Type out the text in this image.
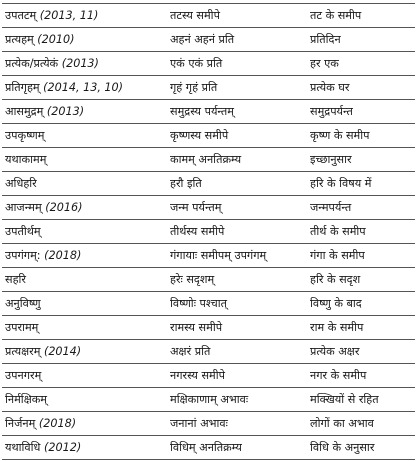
उपतटम् (2013, 11)	तटस्य समीपे	तट के समीप
प्रत्यहम् (2010)	अहनं अहनं प्रति	प्रतिदिन
प्रत्येक/प्रत्येकं (2013)	एकं एकं प्रति	हर एक
प्रतिगृहम् (2014, 13, 10)	गृहं गृहं प्रति	प्रत्येक घर
आसमुद्रम् (2013)	समुद्रस्य पर्यन्तम्	समुद्रपर्यन्त
उपकृष्णम्	कृष्णस्य समीपे	कृष्ण के समीप
यथाकामम्	कामम् अनतिक्रम्य	इच्छानुसार
अधिहरि	हरौ इति	हरि के विषय में
आजन्मम् (2016)	जन्म पर्यन्तम्	जन्मपर्यन्त
उपतीर्थम्	तीर्थस्य समीपे	तीर्थ के समीप
उपगंगम्: (2018)	गंगायाः समीपम् उपगंगम्	गंगा के समीप
सहरि	हरेः सदृशम्	हरि के सदृश
अनुविष्णु	विष्णोः पश्चात्	विष्णु के बाद
उपरामम्	रामस्य समीपे	राम के समीप
प्रत्यक्षरम् (2014)	अक्षरं प्रति	प्रत्येक अक्षर
उपनगरम्	नगरस्य समीपे	नगर के समीप
निर्मक्षिकम्	मक्षिकाणाम् अभावः	मक्खियों से रहित
निर्जनम् (2018)	जनानां अभावः	लोगों का अभाव
यथाविधि (2012)	विधिम् अनतिक्रम्य	विधि के अनुसार
